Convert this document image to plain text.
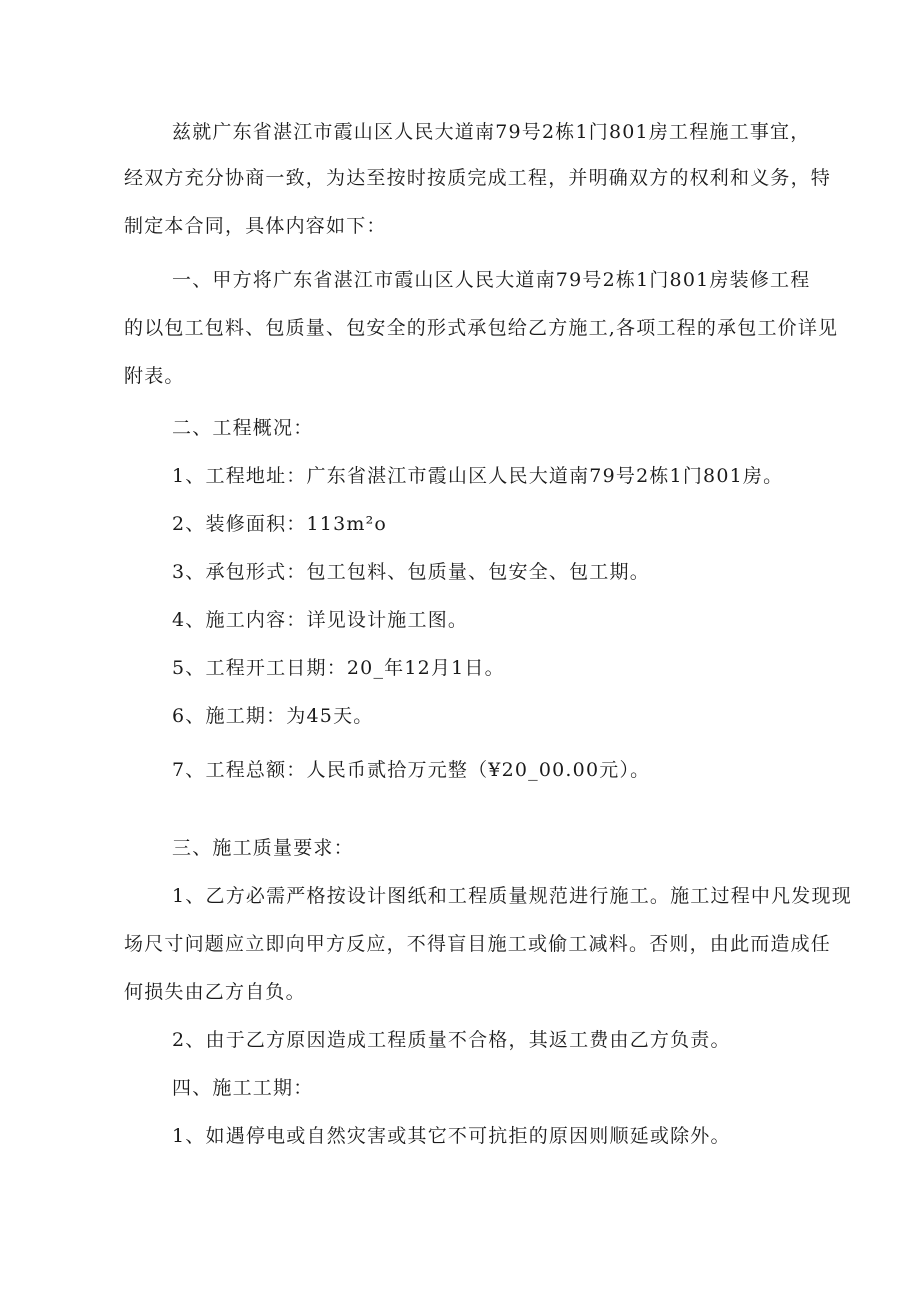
兹就广东省湛江市霞山区人民大道南79号2栋1门801房工程施工事宜，
经双方充分协商一致，为达至按时按质完成工程，并明确双方的权利和义务，特
制定本合同，具体内容如下：
一、甲方将广东省湛江市霞山区人民大道南79号2栋1门801房装修工程
的以包工包料、包质量、包安全的形式承包给乙方施工,各项工程的承包工价详见
附表。
二、工程概况：
1、工程地址：广东省湛江市霞山区人民大道南79号2栋1门801房。
2、装修面积：113m²o
3、承包形式：包工包料、包质量、包安全、包工期。
4、施工内容：详见设计施工图。
5、工程开工日期：20_年12月1日。
6、施工期：为45天。
7、工程总额：人民币贰拾万元整（¥20_00.00元）。
三、施工质量要求：
1、乙方必需严格按设计图纸和工程质量规范进行施工。施工过程中凡发现现
场尺寸问题应立即向甲方反应，不得盲目施工或偷工减料。否则，由此而造成任
何损失由乙方自负。
2、由于乙方原因造成工程质量不合格，其返工费由乙方负责。
四、施工工期：
1、如遇停电或自然灾害或其它不可抗拒的原因则顺延或除外。
